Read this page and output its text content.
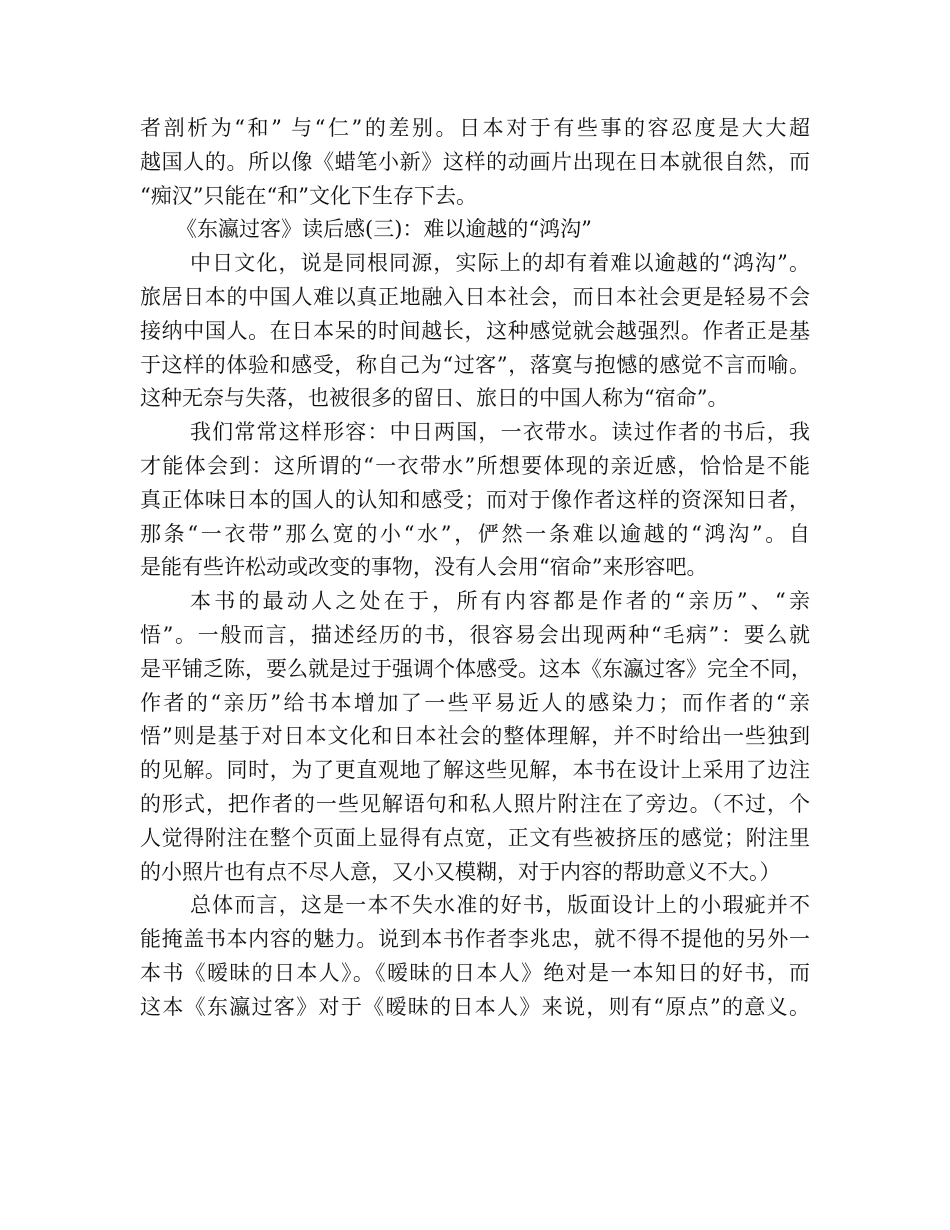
者剖析为“和” 与“仁”的差别。日本对于有些事的容忍度是大大超
越国人的。所以像《蜡笔小新》这样的动画片出现在日本就很自然，而
“痴汉”只能在“和”文化下生存下去。
《东瀛过客》读后感(三)：难以逾越的“鸿沟”
中日文化，说是同根同源，实际上的却有着难以逾越的“鸿沟”。
旅居日本的中国人难以真正地融入日本社会，而日本社会更是轻易不会
接纳中国人。在日本呆的时间越长，这种感觉就会越强烈。作者正是基
于这样的体验和感受，称自己为“过客”，落寞与抱憾的感觉不言而喻。
这种无奈与失落，也被很多的留日、旅日的中国人称为“宿命”。
我们常常这样形容：中日两国，一衣带水。读过作者的书后，我
才能体会到：这所谓的“一衣带水”所想要体现的亲近感，恰恰是不能
真正体味日本的国人的认知和感受；而对于像作者这样的资深知日者，
那条“一衣带”那么宽的小“水”，俨然一条难以逾越的“鸿沟”。自
是能有些许松动或改变的事物，没有人会用“宿命”来形容吧。
本书的最动人之处在于，所有内容都是作者的“亲历”、“亲
悟”。一般而言，描述经历的书，很容易会出现两种“毛病”：要么就
是平铺乏陈，要么就是过于强调个体感受。这本《东瀛过客》完全不同，
作者的“亲历”给书本增加了一些平易近人的感染力；而作者的“亲
悟”则是基于对日本文化和日本社会的整体理解，并不时给出一些独到
的见解。同时，为了更直观地了解这些见解，本书在设计上采用了边注
的形式，把作者的一些见解语句和私人照片附注在了旁边。（不过，个
人觉得附注在整个页面上显得有点宽，正文有些被挤压的感觉；附注里
的小照片也有点不尽人意，又小又模糊，对于内容的帮助意义不大。）
总体而言，这是一本不失水准的好书，版面设计上的小瑕疵并不
能掩盖书本内容的魅力。说到本书作者李兆忠，就不得不提他的另外一
本书《暧昧的日本人》。《暧昧的日本人》绝对是一本知日的好书，而
这本《东瀛过客》对于《暧昧的日本人》来说，则有“原点”的意义。
